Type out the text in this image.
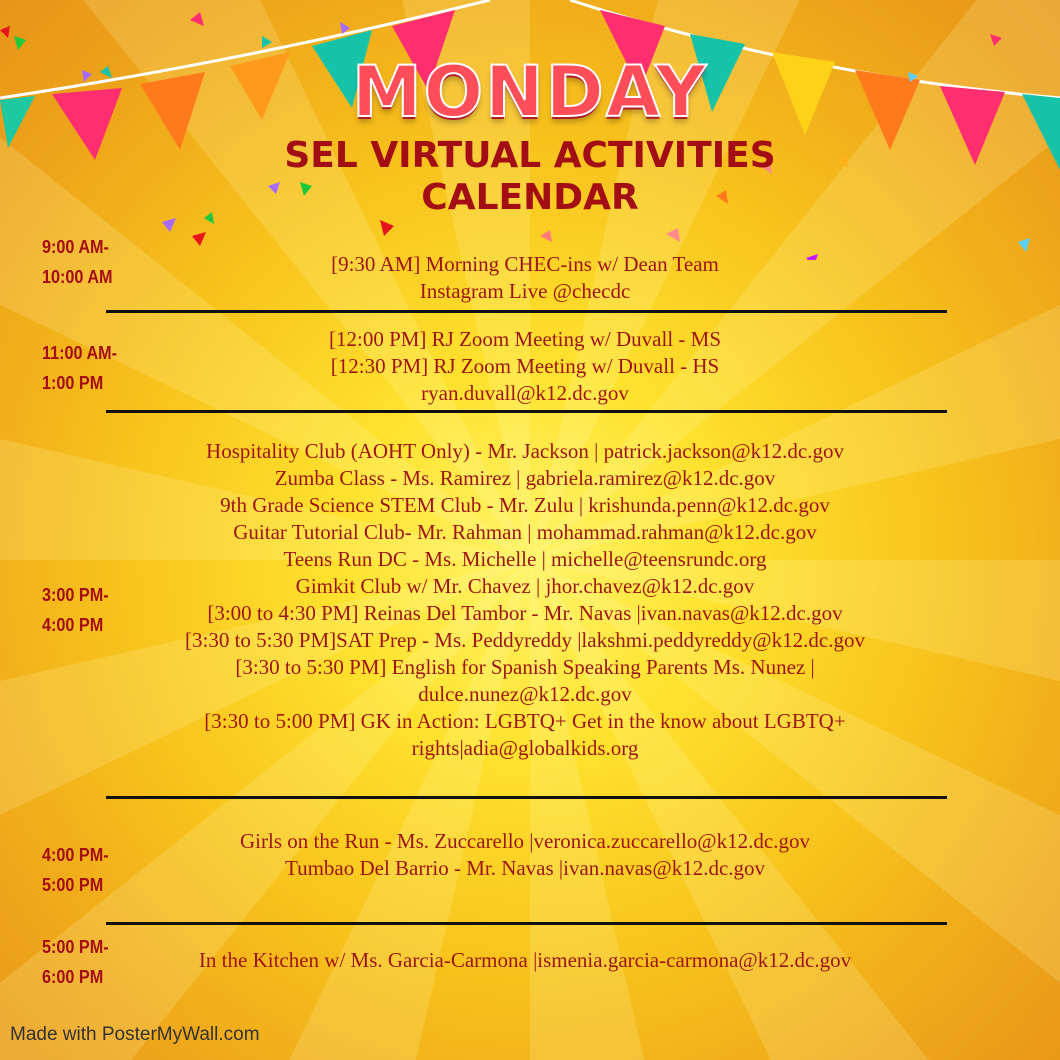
MONDAY
SEL VIRTUAL ACTIVITIES
CALENDAR
9:00 AM-
10:00 AM
[9:30 AM] Morning CHEC-ins w/ Dean Team
Instagram Live @checdc
11:00 AM-
1:00 PM
[12:00 PM] RJ Zoom Meeting w/ Duvall - MS
[12:30 PM] RJ Zoom Meeting w/ Duvall - HS
ryan.duvall@k12.dc.gov
3:00 PM-
4:00 PM
Hospitality Club (AOHT Only) - Mr. Jackson | patrick.jackson@k12.dc.gov
Zumba Class - Ms. Ramirez | gabriela.ramirez@k12.dc.gov
9th Grade Science STEM Club - Mr. Zulu | krishunda.penn@k12.dc.gov
Guitar Tutorial Club- Mr. Rahman | mohammad.rahman@k12.dc.gov
Teens Run DC - Ms. Michelle | michelle@teensrundc.org
Gimkit Club w/ Mr. Chavez | jhor.chavez@k12.dc.gov
[3:00 to 4:30 PM] Reinas Del Tambor - Mr. Navas |ivan.navas@k12.dc.gov
[3:30 to 5:30 PM]SAT Prep - Ms. Peddyreddy |lakshmi.peddyreddy@k12.dc.gov
[3:30 to 5:30 PM] English for Spanish Speaking Parents Ms. Nunez |
dulce.nunez@k12.dc.gov
[3:30 to 5:00 PM] GK in Action: LGBTQ+ Get in the know about LGBTQ+
rights|adia@globalkids.org
4:00 PM-
5:00 PM
Girls on the Run - Ms. Zuccarello |veronica.zuccarello@k12.dc.gov
Tumbao Del Barrio - Mr. Navas |ivan.navas@k12.dc.gov
5:00 PM-
6:00 PM
In the Kitchen w/ Ms. Garcia-Carmona |ismenia.garcia-carmona@k12.dc.gov
Made with PosterMyWall.com
